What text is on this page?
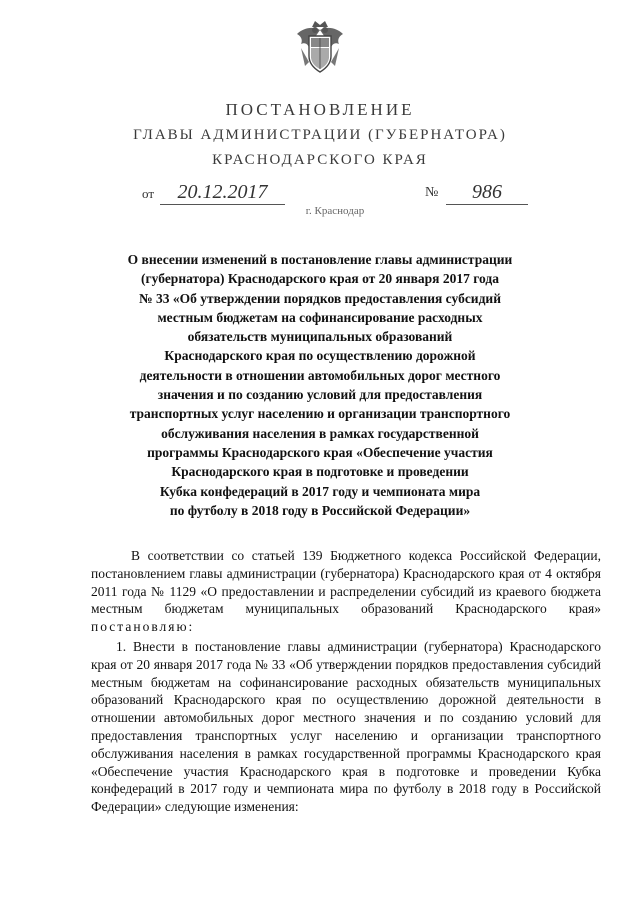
ПОСТАНОВЛЕНИЕ
ГЛАВЫ АДМИНИСТРАЦИИ (ГУБЕРНАТОРА)
КРАСНОДАРСКОГО КРАЯ
от	20.12.2017	№	986
г. Краснодар
О внесении изменений в постановление главы администрации
(губернатора) Краснодарского края от 20 января 2017 года
№ 33 «Об утверждении порядков предоставления субсидий
местным бюджетам на софинансирование расходных
обязательств муниципальных образований
Краснодарского края по осуществлению дорожной
деятельности в отношении автомобильных дорог местного
значения и по созданию условий для предоставления
транспортных услуг населению и организации транспортного
обслуживания населения в рамках государственной
программы Краснодарского края «Обеспечение участия
Краснодарского края в подготовке и проведении
Кубка конфедераций в 2017 году и чемпионата мира
по футболу в 2018 году в Российской Федерации»
В соответствии со статьей 139 Бюджетного кодекса Российской Федерации, постановлением главы администрации (губернатора) Краснодарского края от 4 октября 2011 года № 1129 «О предоставлении и распределении субсидий из краевого бюджета местным бюджетам муниципальных образований Краснодарского края» постановляю:
1. Внести в постановление главы администрации (губернатора) Краснодарского края от 20 января 2017 года № 33 «Об утверждении порядков предоставления субсидий местным бюджетам на софинансирование расходных обязательств муниципальных образований Краснодарского края по осуществлению дорожной деятельности в отношении автомобильных дорог местного значения и по созданию условий для предоставления транспортных услуг населению и организации транспортного обслуживания населения в рамках государственной программы Краснодарского края «Обеспечение участия Краснодарского края в подготовке и проведении Кубка конфедераций в 2017 году и чемпионата мира по футболу в 2018 году в Российской Федерации» следующие изменения:
